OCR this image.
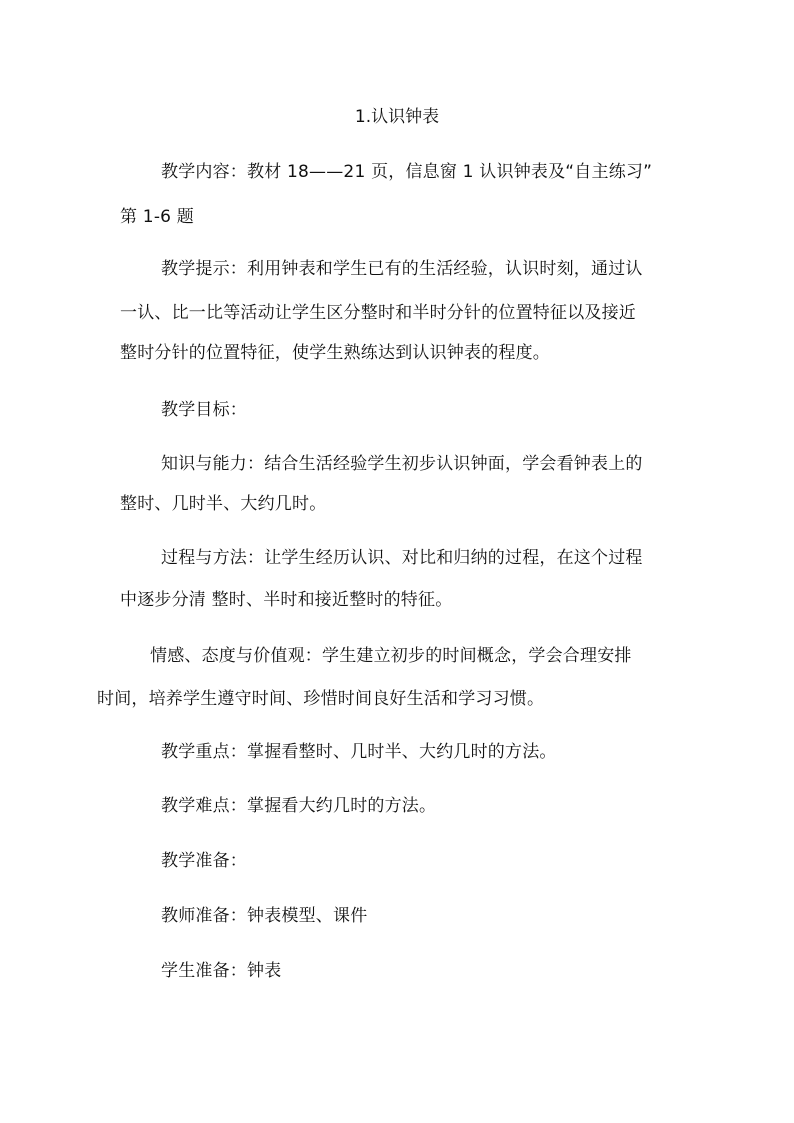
1.认识钟表
教学内容：教材 18——21 页，信息窗 1 认识钟表及“自主练习”
第 1-6 题
教学提示：利用钟表和学生已有的生活经验，认识时刻，通过认
一认、比一比等活动让学生区分整时和半时分针的位置特征以及接近
整时分针的位置特征，使学生熟练达到认识钟表的程度。
教学目标：
知识与能力：结合生活经验学生初步认识钟面，学会看钟表上的
整时、几时半、大约几时。
过程与方法：让学生经历认识、对比和归纳的过程，在这个过程
中逐步分清 整时、半时和接近整时的特征。
情感、态度与价值观：学生建立初步的时间概念，学会合理安排
时间，培养学生遵守时间、珍惜时间良好生活和学习习惯。
教学重点：掌握看整时、几时半、大约几时的方法。
教学难点：掌握看大约几时的方法。
教学准备：
教师准备：钟表模型、课件
学生准备：钟表
